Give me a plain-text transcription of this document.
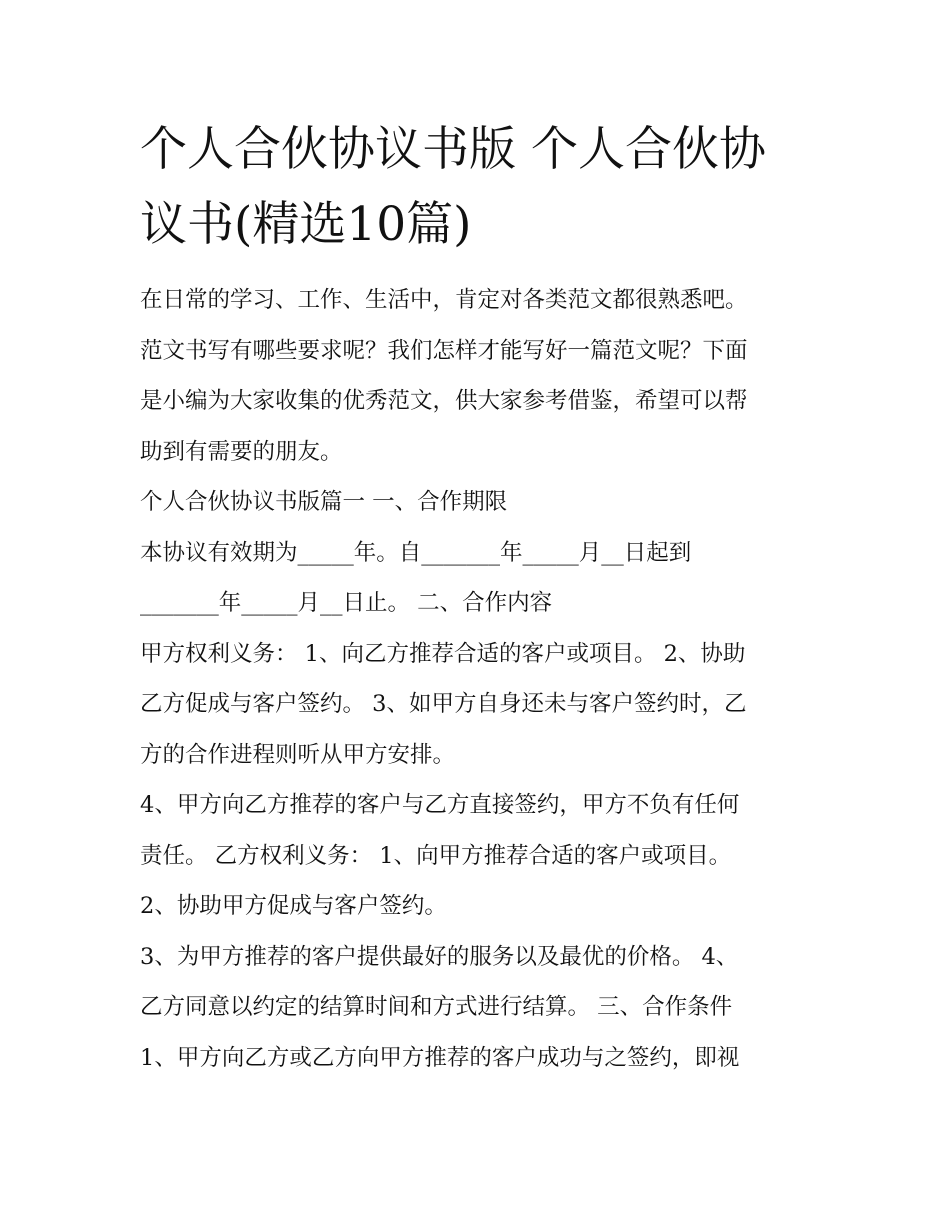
个人合伙协议书版 个人合伙协
议书(精选10篇)
在日常的学习、工作、生活中，肯定对各类范文都很熟悉吧。
范文书写有哪些要求呢？我们怎样才能写好一篇范文呢？下面
是小编为大家收集的优秀范文，供大家参考借鉴，希望可以帮
助到有需要的朋友。
个人合伙协议书版篇一 一、合作期限
本协议有效期为_____年。自_______年_____月__日起到
_______年_____月__日止。 二、合作内容
甲方权利义务： 1、向乙方推荐合适的客户或项目。 2、协助
乙方促成与客户签约。 3、如甲方自身还未与客户签约时，乙
方的合作进程则听从甲方安排。
4、甲方向乙方推荐的客户与乙方直接签约，甲方不负有任何
责任。 乙方权利义务： 1、向甲方推荐合适的客户或项目。
2、协助甲方促成与客户签约。
3、为甲方推荐的客户提供最好的服务以及最优的价格。 4、
乙方同意以约定的结算时间和方式进行结算。 三、合作条件
1、甲方向乙方或乙方向甲方推荐的客户成功与之签约，即视
